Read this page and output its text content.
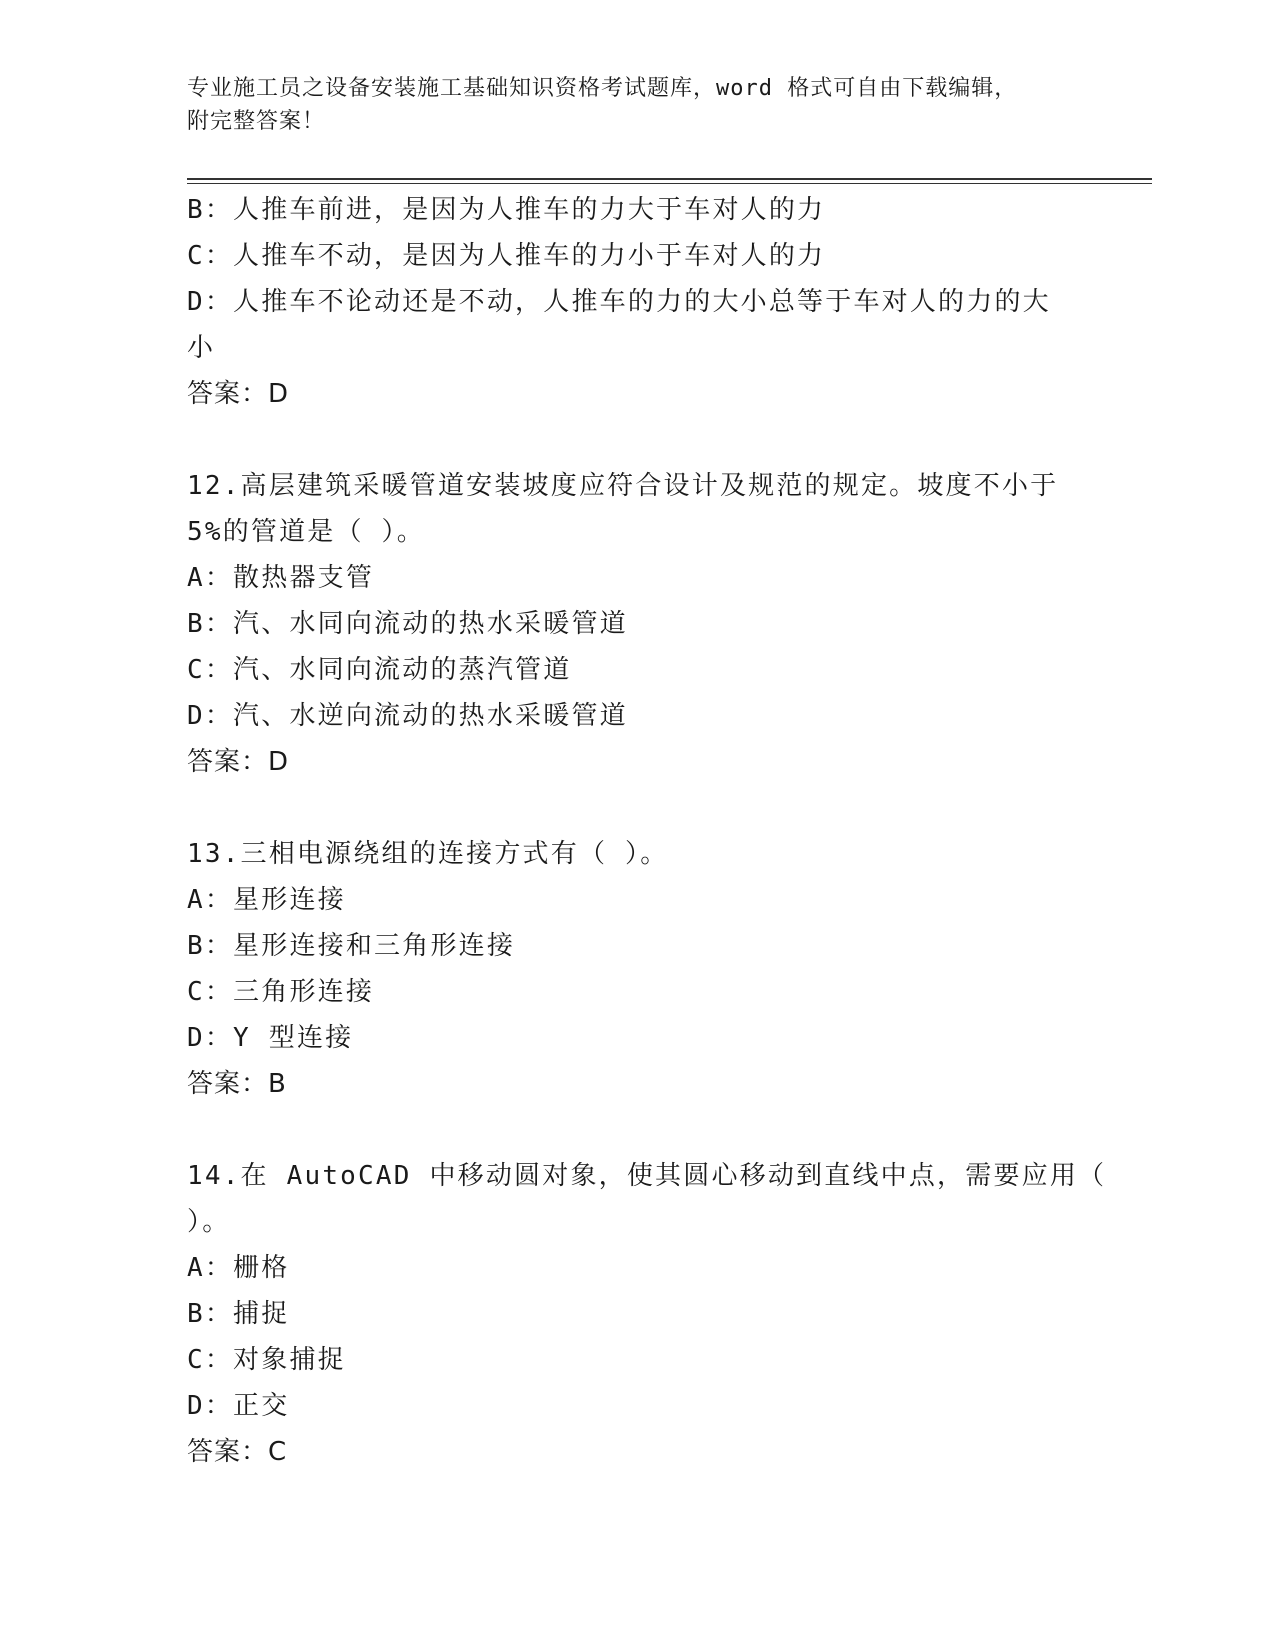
专业施工员之设备安装施工基础知识资格考试题库，word 格式可自由下载编辑，
附完整答案！
B：人推车前进，是因为人推车的力大于车对人的力
C：人推车不动，是因为人推车的力小于车对人的力
D：人推车不论动还是不动，人推车的力的大小总等于车对人的力的大
小
答案：D
12.高层建筑采暖管道安装坡度应符合设计及规范的规定。坡度不小于
5%的管道是（ ）。
A：散热器支管
B：汽、水同向流动的热水采暖管道
C：汽、水同向流动的蒸汽管道
D：汽、水逆向流动的热水采暖管道
答案：D
13.三相电源绕组的连接方式有（ ）。
A：星形连接
B：星形连接和三角形连接
C：三角形连接
D：Y 型连接
答案：B
14.在 AutoCAD 中移动圆对象，使其圆心移动到直线中点，需要应用（
）。
A：栅格
B：捕捉
C：对象捕捉
D：正交
答案：C
